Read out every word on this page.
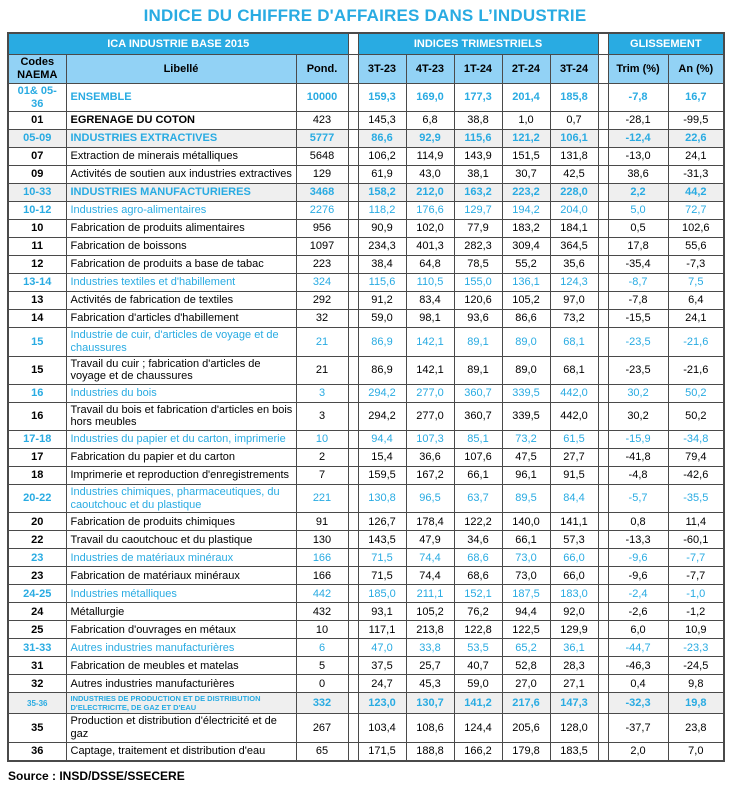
INDICE DU CHIFFRE D'AFFAIRES DANS L’INDUSTRIE
ICA INDUSTRIE BASE 2015				INDICES TRIMESTRIELS						GLISSEMENT	
Codes NAEMA	Libellé	Pond.		3T-23	4T-23	1T-24	2T-24	3T-24		Trim (%)	An (%)
01& 05-36	ENSEMBLE	10000		159,3	169,0	177,3	201,4	185,8		-7,8	16,7
01	EGRENAGE DU COTON	423		145,3	6,8	38,8	1,0	0,7		-28,1	-99,5
05-09	INDUSTRIES EXTRACTIVES	5777		86,6	92,9	115,6	121,2	106,1		-12,4	22,6
07	Extraction de minerais métalliques	5648		106,2	114,9	143,9	151,5	131,8		-13,0	24,1
09	Activités de soutien aux industries extractives	129		61,9	43,0	38,1	30,7	42,5		38,6	-31,3
10-33	INDUSTRIES MANUFACTURIERES	3468		158,2	212,0	163,2	223,2	228,0		2,2	44,2
10-12	Industries agro-alimentaires	2276		118,2	176,6	129,7	194,2	204,0		5,0	72,7
10	Fabrication de produits alimentaires	956		90,9	102,0	77,9	183,2	184,1		0,5	102,6
11	Fabrication de boissons	1097		234,3	401,3	282,3	309,4	364,5		17,8	55,6
12	Fabrication de produits a base de tabac	223		38,4	64,8	78,5	55,2	35,6		-35,4	-7,3
13-14	Industries textiles et d'habillement	324		115,6	110,5	155,0	136,1	124,3		-8,7	7,5
13	Activités de fabrication de textiles	292		91,2	83,4	120,6	105,2	97,0		-7,8	6,4
14	Fabrication d'articles d'habillement	32		59,0	98,1	93,6	86,6	73,2		-15,5	24,1
15	Industrie de cuir, d'articles de voyage et de chaussures	21		86,9	142,1	89,1	89,0	68,1		-23,5	-21,6
15	Travail du cuir ; fabrication d'articles de voyage et de chaussures	21		86,9	142,1	89,1	89,0	68,1		-23,5	-21,6
16	Industries du bois	3		294,2	277,0	360,7	339,5	442,0		30,2	50,2
16	Travail du bois et fabrication d'articles en bois hors meubles	3		294,2	277,0	360,7	339,5	442,0		30,2	50,2
17-18	Industries du papier et du carton, imprimerie	10		94,4	107,3	85,1	73,2	61,5		-15,9	-34,8
17	Fabrication du papier et du carton	2		15,4	36,6	107,6	47,5	27,7		-41,8	79,4
18	Imprimerie et reproduction d'enregistrements	7		159,5	167,2	66,1	96,1	91,5		-4,8	-42,6
20-22	Industries chimiques, pharmaceutiques, du caoutchouc et du plastique	221		130,8	96,5	63,7	89,5	84,4		-5,7	-35,5
20	Fabrication de produits chimiques	91		126,7	178,4	122,2	140,0	141,1		0,8	11,4
22	Travail du caoutchouc et du plastique	130		143,5	47,9	34,6	66,1	57,3		-13,3	-60,1
23	Industries de matériaux minéraux	166		71,5	74,4	68,6	73,0	66,0		-9,6	-7,7
23	Fabrication de matériaux minéraux	166		71,5	74,4	68,6	73,0	66,0		-9,6	-7,7
24-25	Industries métalliques	442		185,0	211,1	152,1	187,5	183,0		-2,4	-1,0
24	Métallurgie	432		93,1	105,2	76,2	94,4	92,0		-2,6	-1,2
25	Fabrication d'ouvrages en métaux	10		117,1	213,8	122,8	122,5	129,9		6,0	10,9
31-33	Autres industries manufacturières	6		47,0	33,8	53,5	65,2	36,1		-44,7	-23,3
31	Fabrication de meubles et matelas	5		37,5	25,7	40,7	52,8	28,3		-46,3	-24,5
32	Autres industries manufacturières	0		24,7	45,3	59,0	27,0	27,1		0,4	9,8
35-36	INDUSTRIES DE PRODUCTION ET DE DISTRIBUTION D'ELECTRICITE, DE GAZ ET D'EAU	332		123,0	130,7	141,2	217,6	147,3		-32,3	19,8
35	Production et distribution d'électricité et de gaz	267		103,4	108,6	124,4	205,6	128,0		-37,7	23,8
36	Captage, traitement et distribution d'eau	65		171,5	188,8	166,2	179,8	183,5		2,0	7,0
Source : INSD/DSSE/SSECERE
